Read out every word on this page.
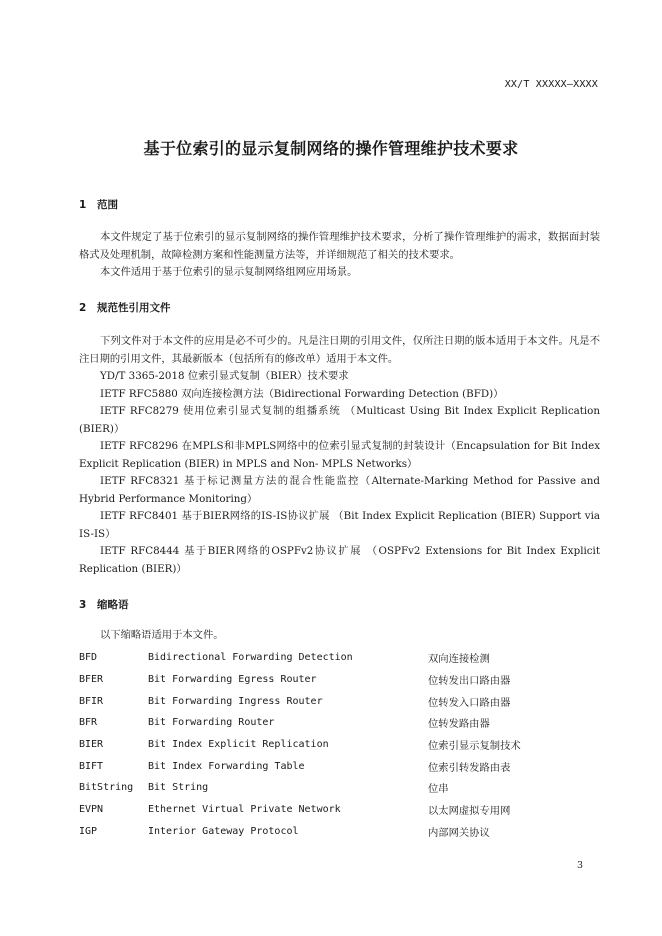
XX/T XXXXX—XXXX
基于位索引的显示复制网络的操作管理维护技术要求
1 范围

本文件规定了基于位索引的显示复制网络的操作管理维护技术要求，分析了操作管理维护的需求，数据面封装格式及处理机制，故障检测方案和性能测量方法等，并详细规范了相关的技术要求。

本文件适用于基于位索引的显示复制网络组网应用场景。

2 规范性引用文件

下列文件对于本文件的应用是必不可少的。凡是注日期的引用文件，仅所注日期的版本适用于本文件。凡是不注日期的引用文件，其最新版本（包括所有的修改单）适用于本文件。

YD/T 3365-2018 位索引显式复制（BIER）技术要求

IETF RFC5880 双向连接检测方法（Bidirectional Forwarding Detection (BFD)）

IETF RFC8279 使用位索引显式复制的组播系统 （Multicast Using Bit Index Explicit Replication (BIER)）

IETF RFC8296 在MPLS和非MPLS网络中的位索引显式复制的封装设计（Encapsulation for Bit Index Explicit Replication (BIER) in MPLS and Non- MPLS Networks）

IETF RFC8321 基于标记测量方法的混合性能监控（Alternate-Marking Method for Passive and Hybrid Performance Monitoring）

IETF RFC8401 基于BIER网络的IS-IS协议扩展 （Bit Index Explicit Replication (BIER) Support via IS-IS）

IETF RFC8444 基于BIER网络的OSPFv2协议扩展 （OSPFv2 Extensions for Bit Index Explicit Replication (BIER)）

3 缩略语

以下缩略语适用于本文件。

BFD	Bidirectional Forwarding Detection	双向连接检测
BFER	Bit Forwarding Egress Router	位转发出口路由器
BFIR	Bit Forwarding Ingress Router	位转发入口路由器
BFR	Bit Forwarding Router	位转发路由器
BIER	Bit Index Explicit Replication	位索引显示复制技术
BIFT	Bit Index Forwarding Table	位索引转发路由表
BitString	Bit String	位串
EVPN	Ethernet Virtual Private Network	以太网虚拟专用网
IGP	Interior Gateway Protocol	内部网关协议
3
